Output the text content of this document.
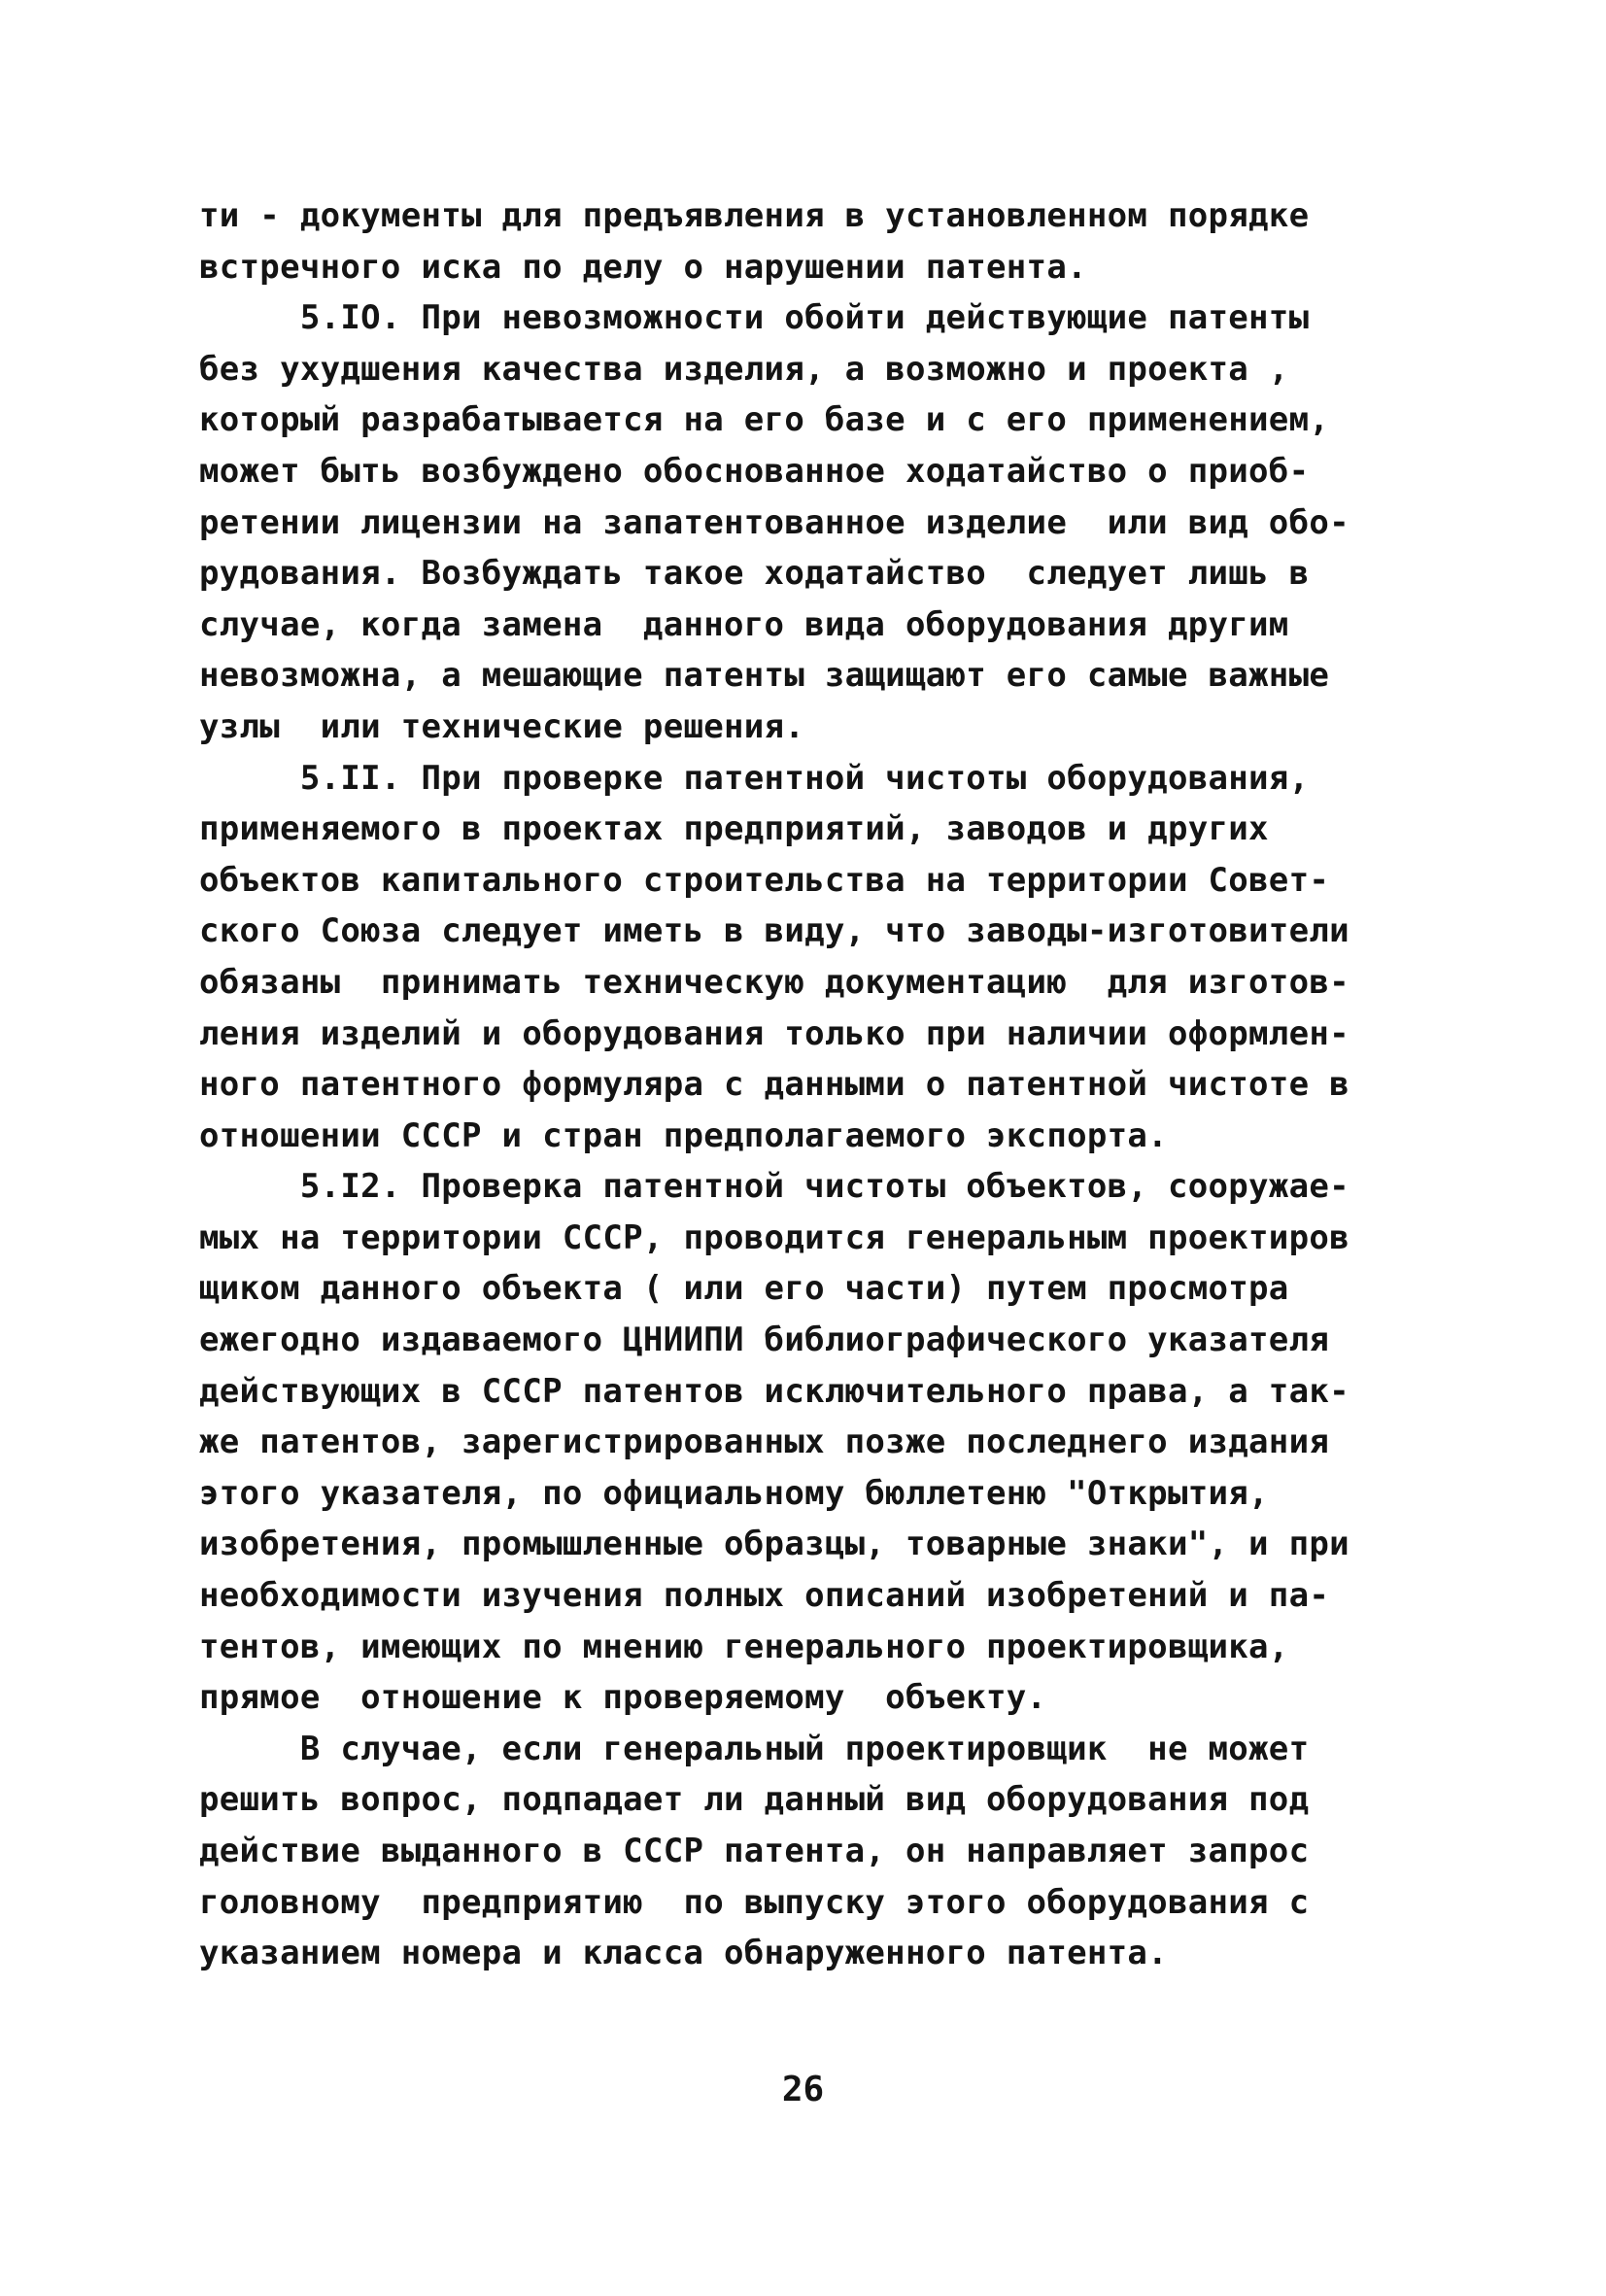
ти - документы для предъявления в установленном порядке
встречного иска по делу о нарушении патента.
5.IO. При невозможности обойти действующие патенты
без ухудшения качества изделия, а возможно и проекта ,
который разрабатывается на его базе и с его применением,
может быть возбуждено обоснованное ходатайство о приоб-
ретении лицензии на запатентованное изделие  или вид обо-
рудования. Возбуждать такое ходатайство  следует лишь в
случае, когда замена  данного вида оборудования другим
невозможна, а мешающие патенты защищают его самые важные
узлы  или технические решения.
5.II. При проверке патентной чистоты оборудования,
применяемого в проектах предприятий, заводов и других
объектов капитального строительства на территории Совет-
ского Союза следует иметь в виду, что заводы-изготовители
обязаны  принимать техническую документацию  для изготов-
ления изделий и оборудования только при наличии оформлен-
ного патентного формуляра с данными о патентной чистоте в
отношении СССР и стран предполагаемого экспорта.
5.I2. Проверка патентной чистоты объектов, сооружае-
мых на территории СССР, проводится генеральным проектиров
щиком данного объекта ( или его части) путем просмотра
ежегодно издаваемого ЦНИИПИ библиографического указателя
действующих в СССР патентов исключительного права, а так-
же патентов, зарегистрированных позже последнего издания
этого указателя, по официальному бюллетеню "Открытия,
изобретения, промышленные образцы, товарные знаки", и при
необходимости изучения полных описаний изобретений и па-
тентов, имеющих по мнению генерального проектировщика,
прямое  отношение к проверяемому  объекту.
В случае, если генеральный проектировщик  не может
решить вопрос, подпадает ли данный вид оборудования под
действие выданного в СССР патента, он направляет запрос
головному  предприятию  по выпуску этого оборудования с
указанием номера и класса обнаруженного патента.
26
